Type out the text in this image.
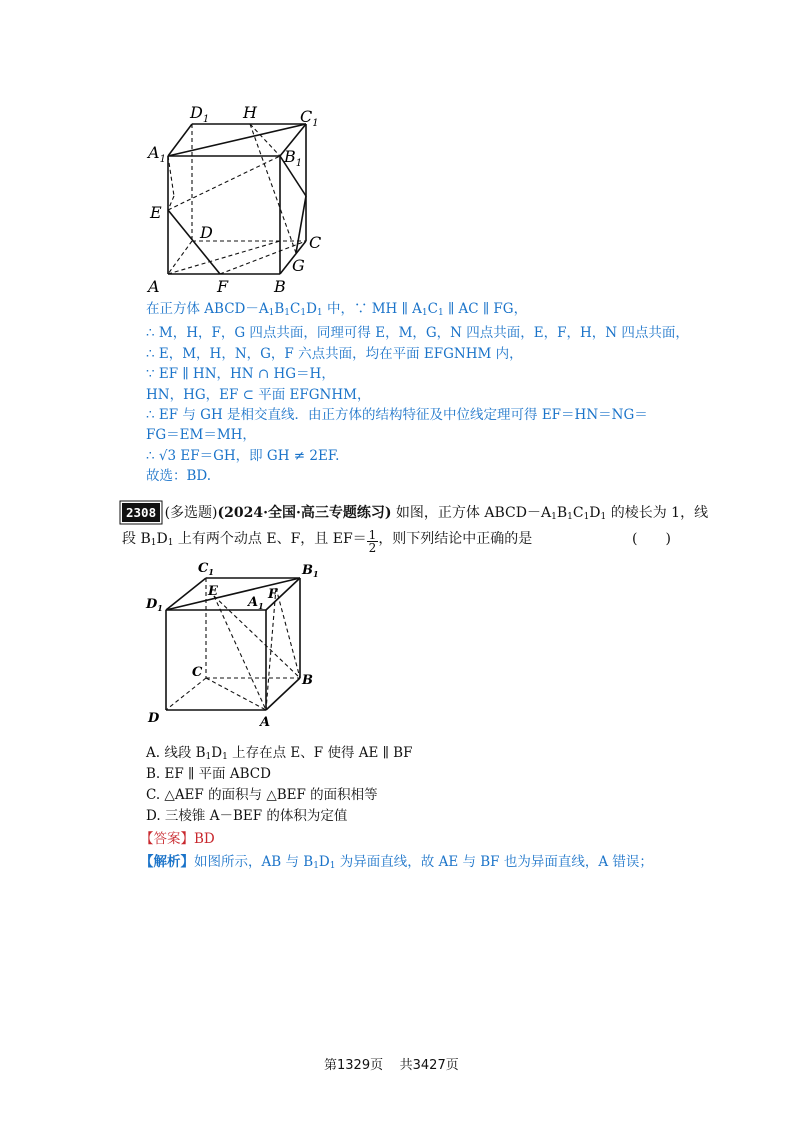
$D_1$ H	$C_1$
$A_1$	$B_1$
E
D
C
G
A	F	B
在正方体 $ABCD-A_1B_1C_1D_1$ 中，∵ MH ∥ $A_1C_1$ ∥ AC ∥ FG，
∴ M，H，F，G 四点共面，同理可得 E，M，G，N 四点共面，E，F，H，N 四点共面，
∴ E，M，H，N，G，F 六点共面，均在平面 EFGNHM 内，
∵ EF ∥ HN，HN ∩ HG＝H，
HN，HG，EF ⊂ 平面 EFGNHM，
∴ EF 与 GH 是相交直线．由正方体的结构特征及中位线定理可得 EF＝HN＝NG＝
FG＝EM＝MH，
∴ √3 EF＝GH，即 GH ≠ 2EF.
故选：BD.
2308 (多选题)(2024·全国·高三专题练习) 如图，正方体 $ABCD-A_1B_1C_1D_1$ 的棱长为 1，线
段 $B_1D_1$ 上有两个动点 E、F，且 $EF= \frac{1}{2}$ ，则下列结论中正确的是	(　　)
$C_1$	$B_1$
$D_1$
E
$A_1$
F
C
B
D	A
A. 线段 $B_1D_1$ 上存在点 E、F 使得 AE ∥ BF
B. EF ∥ 平面 ABCD
C. △AEF 的面积与 △BEF 的面积相等
D. 三棱锥 A－BEF 的体积为定值
【答案】BD
【解析】如图所示，AB 与 $B_1D_1$ 为异面直线，故 AE 与 BF 也为异面直线，A 错误；
第1329页 共3427页
